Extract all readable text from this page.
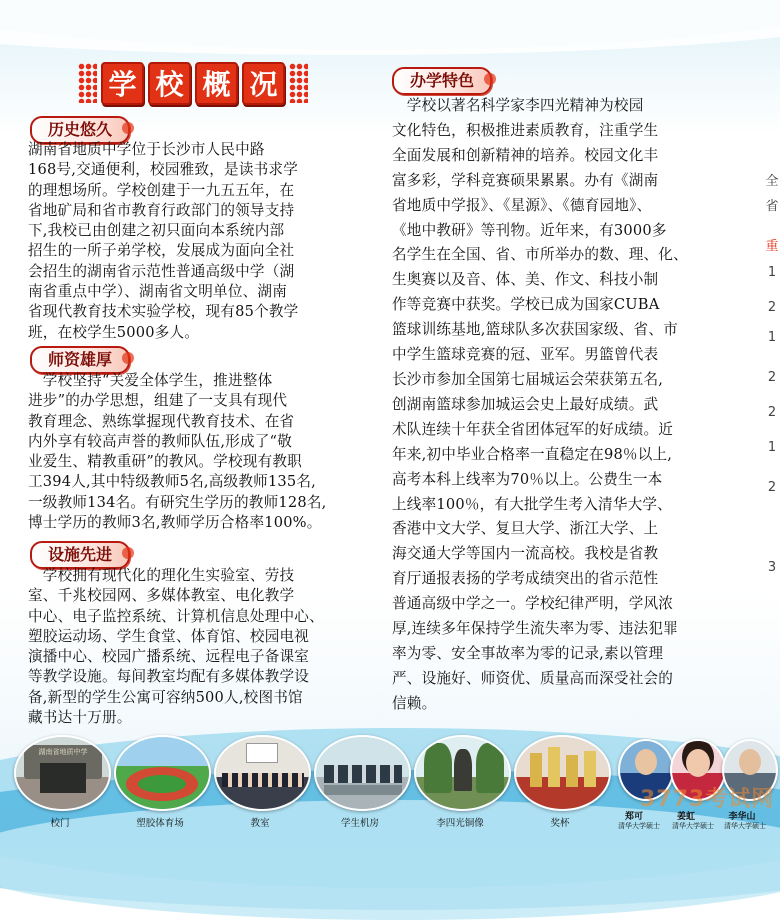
学 校 概 况
历史悠久
师资雄厚
设施先进
办学特色
湖南省地质中学位于长沙市人民中路
168号,交通便利，校园雅致，是读书求学
的理想场所。学校创建于一九五五年，在
省地矿局和省市教育行政部门的领导支持
下,我校已由创建之初只面向本系统内部
招生的一所子弟学校，发展成为面向全社
会招生的湖南省示范性普通高级中学（湖
南省重点中学）、湖南省文明单位、湖南
省现代教育技术实验学校，现有85个教学
班，在校学生5000多人。
　学校坚持“关爱全体学生，推进整体
进步”的办学思想，组建了一支具有现代
教育理念、熟练掌握现代教育技术、在省
内外享有较高声誉的教师队伍,形成了“敬
业爱生、精教重研”的教风。学校现有教职
工394人,其中特级教师5名,高级教师135名,
一级教师134名。有研究生学历的教师128名,
博士学历的教师3名,教师学历合格率100%。
　学校拥有现代化的理化生实验室、劳技
室、千兆校园网、多媒体教室、电化教学
中心、电子监控系统、计算机信息处理中心、
塑胶运动场、学生食堂、体育馆、校园电视
演播中心、校园广播系统、远程电子备课室
等教学设施。每间教室均配有多媒体教学设
备,新型的学生公寓可容纳500人,校图书馆
藏书达十万册。
　学校以著名科学家李四光精神为校园
文化特色，积极推进素质教育，注重学生
全面发展和创新精神的培养。校园文化丰
富多彩，学科竞赛硕果累累。办有《湖南
省地质中学报》、《星源》、《德育园地》、
《地中教研》等刊物。近年来，有3000多
名学生在全国、省、市所举办的数、理、化、
生奥赛以及音、体、美、作文、科技小制
作等竞赛中获奖。学校已成为国家CUBA
篮球训练基地,篮球队多次获国家级、省、市
中学生篮球竞赛的冠、亚军。男篮曾代表
长沙市参加全国第七届城运会荣获第五名,
创湖南篮球参加城运会史上最好成绩。武
术队连续十年获全省团体冠军的好成绩。近
年来,初中毕业合格率一直稳定在98％以上,
高考本科上线率为70％以上。公费生一本
上线率100％，有大批学生考入清华大学、
香港中文大学、复旦大学、浙江大学、上
海交通大学等国内一流高校。我校是省教
育厅通报表扬的学考成绩突出的省示范性
普通高级中学之一。学校纪律严明，学风浓
厚,连续多年保持学生流失率为零、违法犯罪
率为零、安全事故率为零的记录,素以管理
严、设施好、师资优、质量高而深受社会的
信赖。
全
省
重
1
2
1
2
2
1
2
3
湖南省地质中学
校门	塑胶体育场	教室	学生机房	李四光铜像	奖杯
郑可	姜虹	李华山
清华大学硕士	清华大学硕士	清华大学硕士
3773考试网
